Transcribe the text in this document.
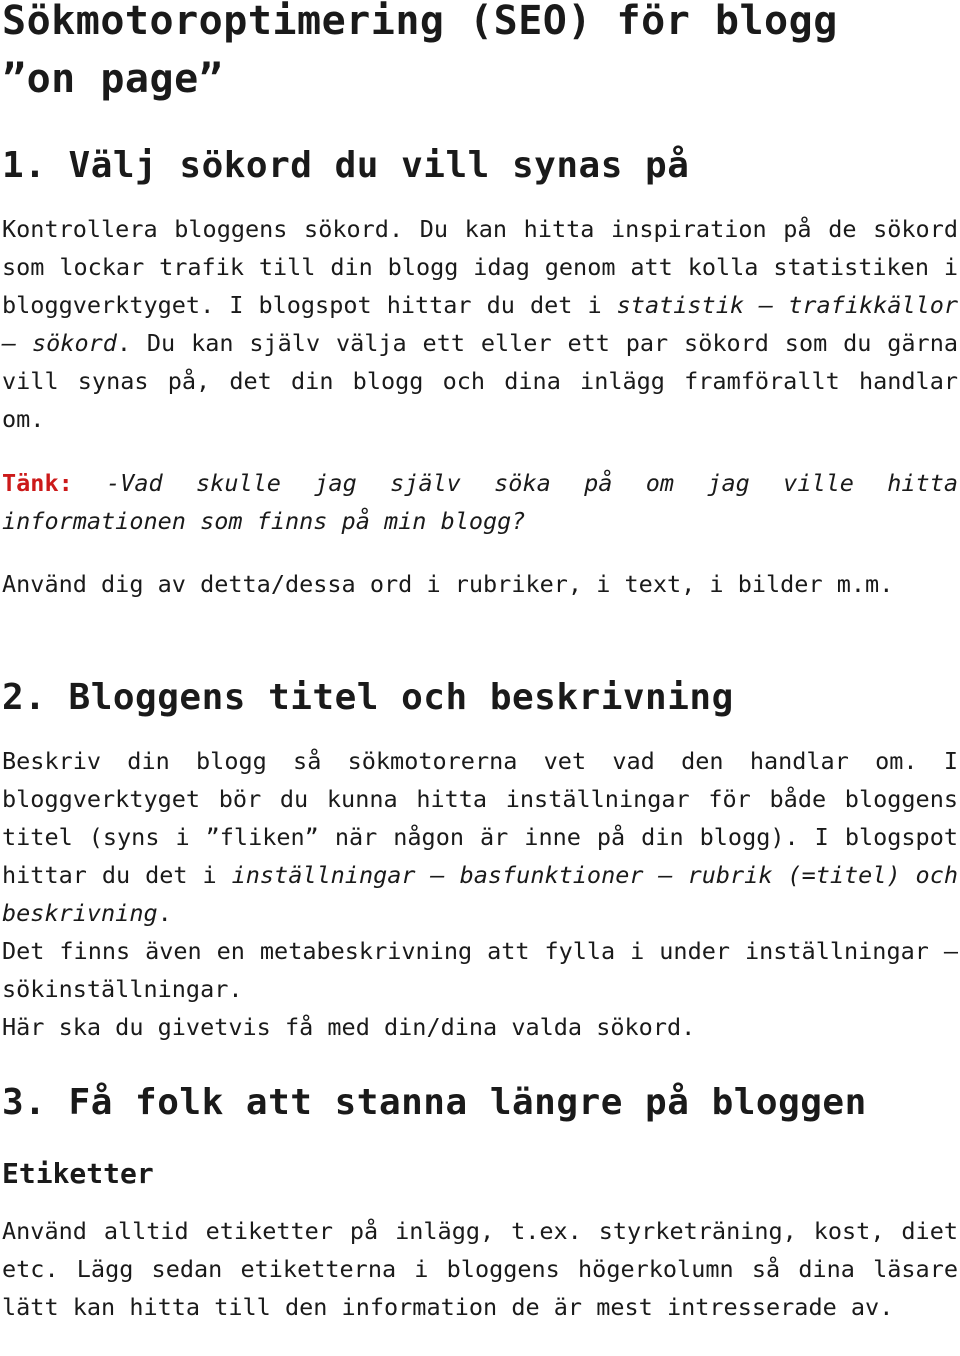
Sökmotoroptimering (SEO) för blogg
”on page”
1. Välj sökord du vill synas på

Kontrollera bloggens sökord. Du kan hitta inspiration på de sökord som lockar trafik till din blogg idag genom att kolla statistiken i bloggverktyget. I blogspot hittar du det i statistik – trafikkällor – sökord. Du kan själv välja ett eller ett par sökord som du gärna vill synas på, det din blogg och dina inlägg framförallt handlar om.

Tänk: -Vad skulle jag själv söka på om jag ville hitta informationen som finns på min blogg?

Använd dig av detta/dessa ord i rubriker, i text, i bilder m.m.

2. Bloggens titel och beskrivning

Beskriv din blogg så sökmotorerna vet vad den handlar om. I bloggverktyget bör du kunna hitta inställningar för både bloggens titel (syns i ”fliken” när någon är inne på din blogg). I blogspot hittar du det i inställningar – basfunktioner – rubrik (=titel) och beskrivning.

Det finns även en metabeskrivning att fylla i under inställningar – sökinställningar.

Här ska du givetvis få med din/dina valda sökord.

3. Få folk att stanna längre på bloggen
Etiketter

Använd alltid etiketter på inlägg, t.ex. styrketräning, kost, diet etc. Lägg sedan etiketterna i bloggens högerkolumn så dina läsare lätt kan hitta till den information de är mest intresserade av.
